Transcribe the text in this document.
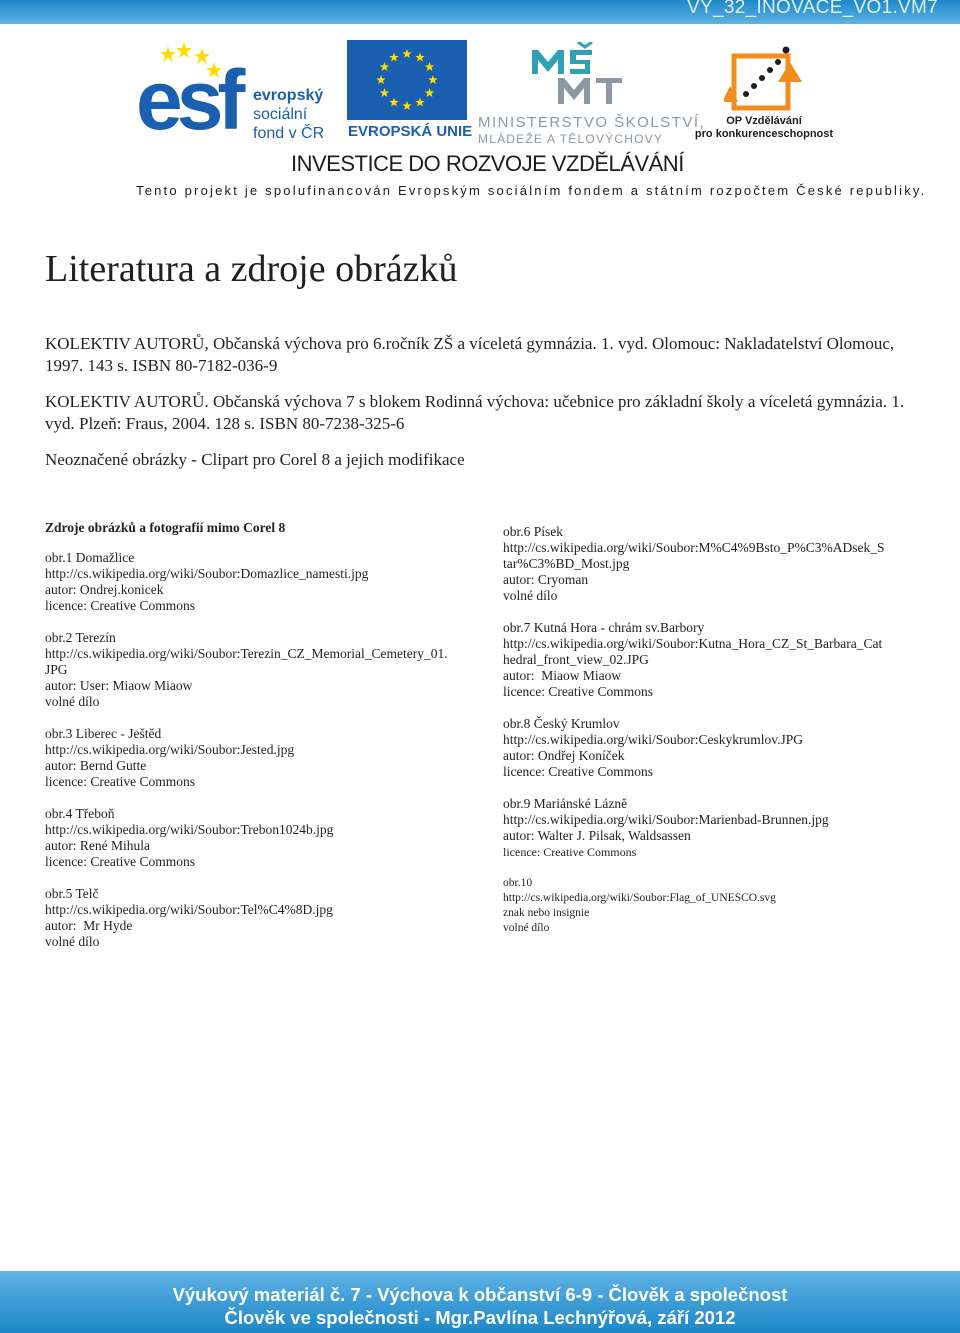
VY_32_INOVACE_VO1.VM7
esf evropský
sociální
fond v ČR EVROPSKÁ UNIE
MINISTERSTVO ŠKOLSTVÍ,
MLÁDEŽE A TĚLOVÝCHOVY
OP Vzdělávání
pro konkurenceschopnost
INVESTICE DO ROZVOJE VZDĚLÁVÁNÍ
Tento projekt je spolufinancován Evropským sociálním fondem a státním rozpočtem České republiky.
Literatura a zdroje obrázků

KOLEKTIV AUTORŮ, Občanská výchova pro 6.ročník ZŠ a víceletá gymnázia. 1. vyd. Olomouc: Nakladatelství Olomouc, 1997. 143 s. ISBN 80-7182-036-9

KOLEKTIV AUTORŮ. Občanská výchova 7 s blokem Rodinná výchova: učebnice pro základní školy a víceletá gymnázia. 1. vyd. Plzeň: Fraus, 2004. 128 s. ISBN 80-7238-325-6

Neoznačené obrázky - Clipart pro Corel 8 a jejich modifikace

Zdroje obrázků a fotografií mimo Corel 8
obr.1 Domažlice
http://cs.wikipedia.org/wiki/Soubor:Domazlice_namesti.jpg
autor: Ondrej.konicek
licence: Creative Commons
obr.2 Terezín
http://cs.wikipedia.org/wiki/Soubor:Terezin_CZ_Memorial_Cemetery_01.
JPG
autor: User: Miaow Miaow
volné dílo
obr.3 Liberec - Ještěd
http://cs.wikipedia.org/wiki/Soubor:Jested.jpg
autor: Bernd Gutte
licence: Creative Commons
obr.4 Třeboň
http://cs.wikipedia.org/wiki/Soubor:Trebon1024b.jpg
autor: René Mihula
licence: Creative Commons
obr.5 Telč
http://cs.wikipedia.org/wiki/Soubor:Tel%C4%8D.jpg
autor:  Mr Hyde
volné dílo
obr.6 Písek
http://cs.wikipedia.org/wiki/Soubor:M%C4%9Bsto_P%C3%ADsek_S
tar%C3%BD_Most.jpg
autor: Cryoman
volné dílo
obr.7 Kutná Hora - chrám sv.Barbory
http://cs.wikipedia.org/wiki/Soubor:Kutna_Hora_CZ_St_Barbara_Cat
hedral_front_view_02.JPG
autor:  Miaow Miaow
licence: Creative Commons
obr.8 Český Krumlov
http://cs.wikipedia.org/wiki/Soubor:Ceskykrumlov.JPG
autor: Ondřej Koníček
licence: Creative Commons
obr.9 Mariánské Lázně
http://cs.wikipedia.org/wiki/Soubor:Marienbad-Brunnen.jpg
autor: Walter J. Pilsak, Waldsassen
licence: Creative Commons
obr.10
http://cs.wikipedia.org/wiki/Soubor:Flag_of_UNESCO.svg
znak nebo insignie
volné dílo
Výukový materiál č. 7 - Výchova k občanství 6-9 - Člověk a společnost
Člověk ve společnosti - Mgr.Pavlína Lechnýřová, září 2012
